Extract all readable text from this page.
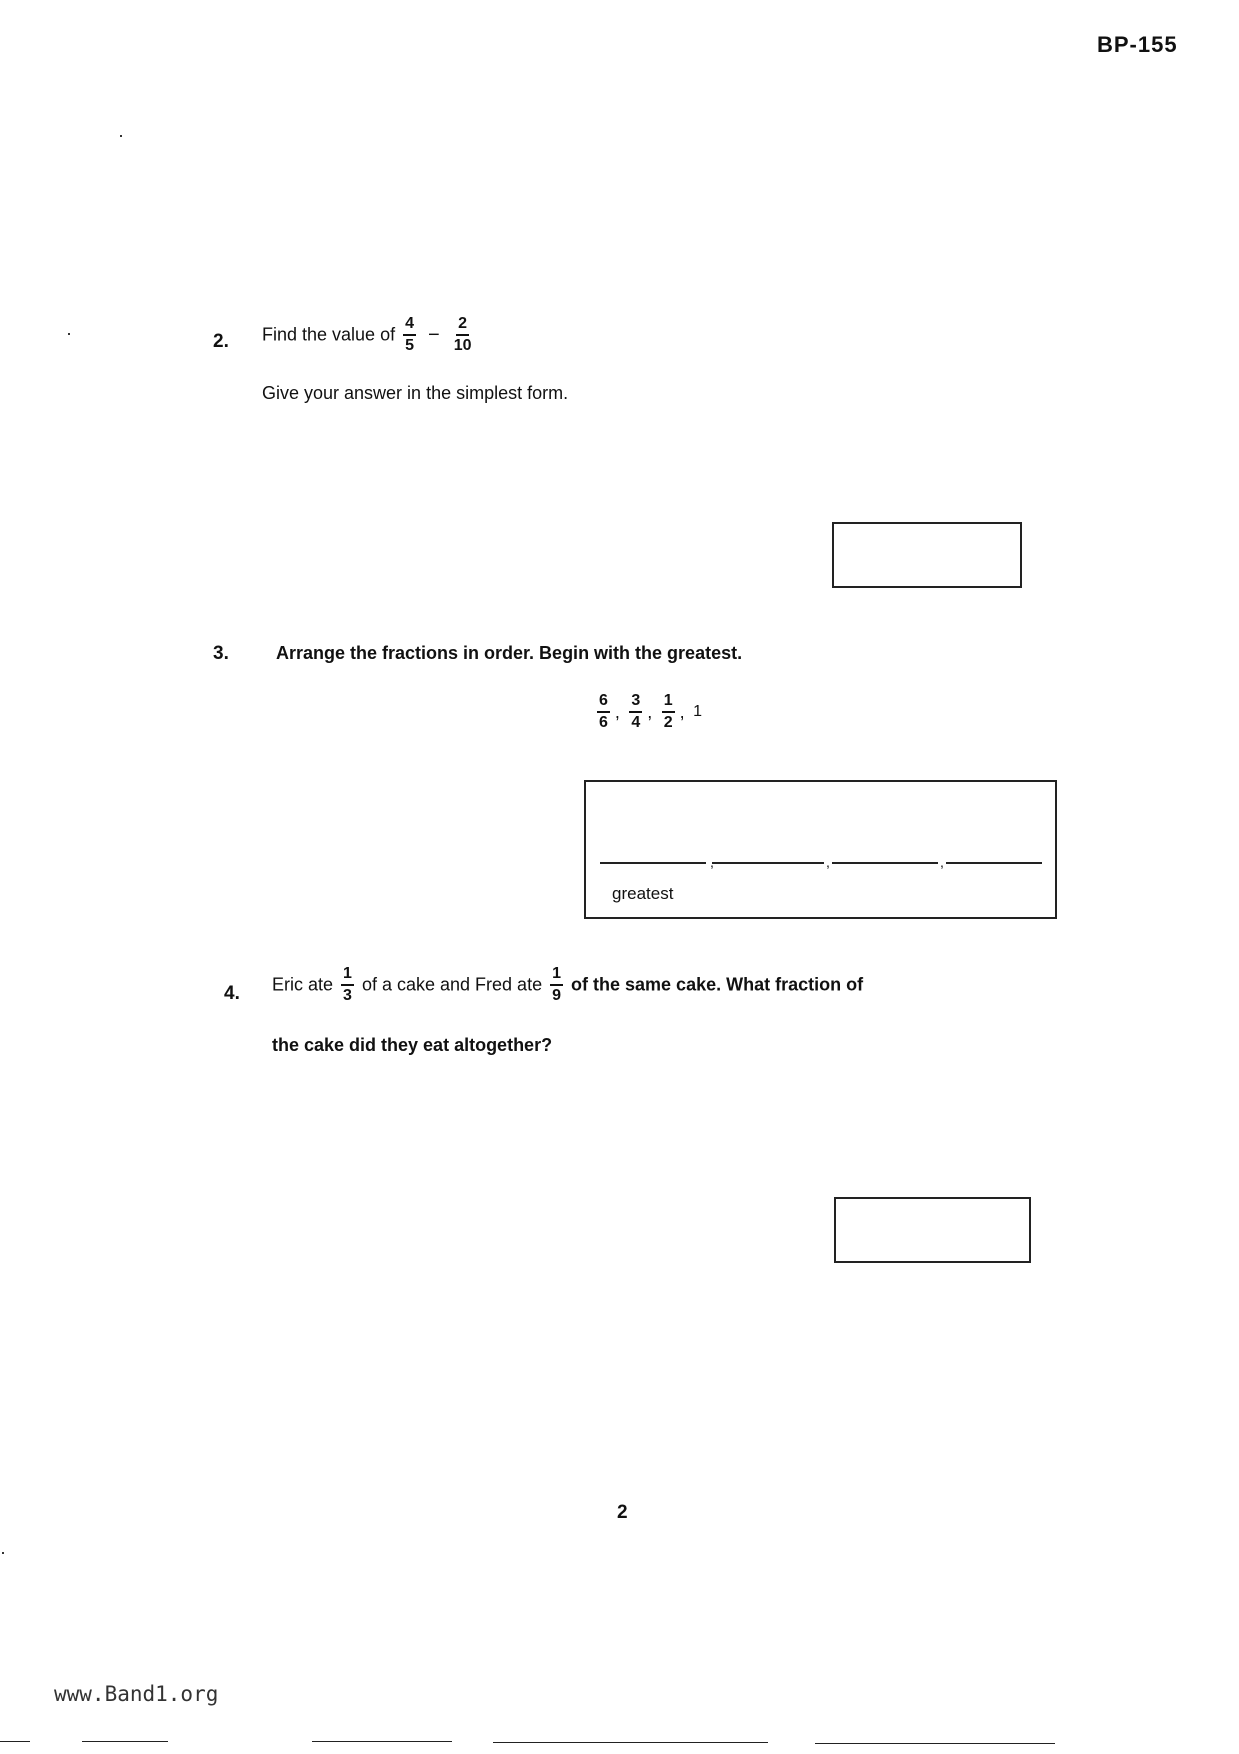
BP-155
2. Find the value of $\frac{4}{5} - \frac{2}{10}$
Give your answer in the simplest form.
3.	Arrange the fractions in order. Begin with the greatest.
$\frac{6}{6}$ , $\frac{3}{4}$ , $\frac{1}{2}$ , 1
,	,	,
greatest
4. Eric ate $\frac{1}{3}$ of a cake and Fred ate $\frac{1}{9}$ of the same cake. What fraction of
the cake did they eat altogether?
2
www.Band1.org
